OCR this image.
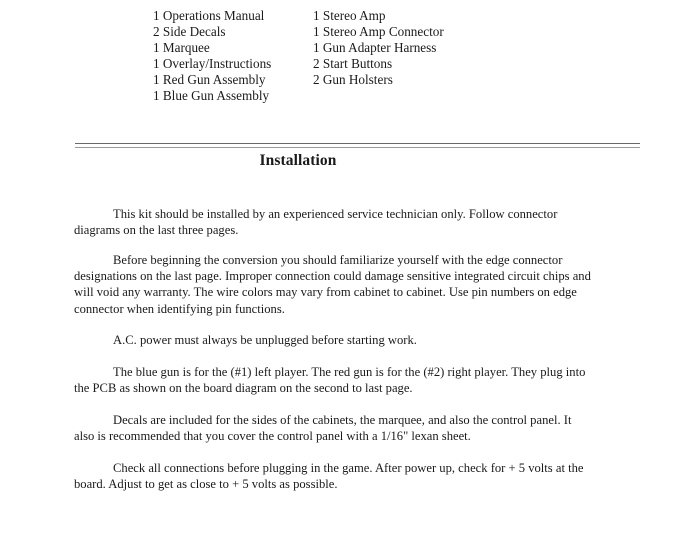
1 Operations Manual
2 Side Decals
1 Marquee
1 Overlay/Instructions
1 Red Gun Assembly
1 Blue Gun Assembly
1 Stereo Amp
1 Stereo Amp Connector
1 Gun Adapter Harness
2 Start Buttons
2 Gun Holsters
Installation

This kit should be installed by an experienced service technician only. Follow connector diagrams on the last three pages.

Before beginning the conversion you should familiarize yourself with the edge connector designations on the last page. Improper connection could damage sensitive integrated circuit chips and will void any warranty. The wire colors may vary from cabinet to cabinet. Use pin numbers on edge connector when identifying pin functions.

A.C. power must always be unplugged before starting work.

The blue gun is for the (#1) left player. The red gun is for the (#2) right player. They plug into the PCB as shown on the board diagram on the second to last page.

Decals are included for the sides of the cabinets, the marquee, and also the control panel. It also is recommended that you cover the control panel with a 1/16" lexan sheet.

Check all connections before plugging in the game. After power up, check for + 5 volts at the board. Adjust to get as close to + 5 volts as possible.
